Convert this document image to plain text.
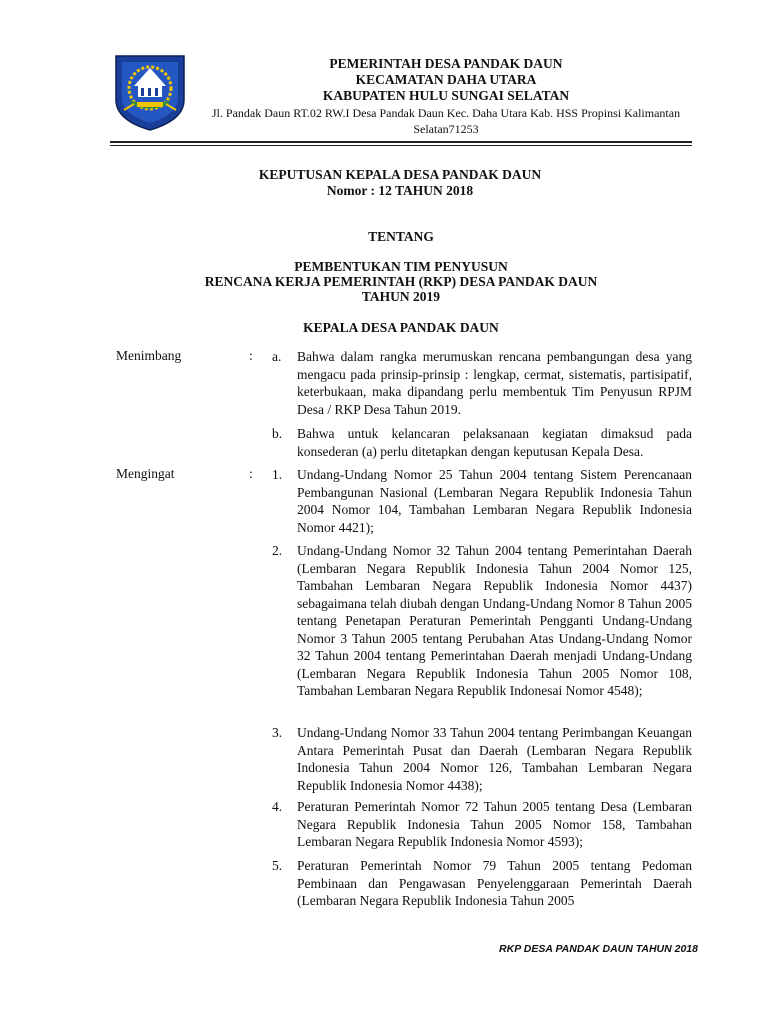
PEMERINTAH DESA PANDAK DAUN
KECAMATAN DAHA UTARA
KABUPATEN HULU SUNGAI SELATAN
Jl. Pandak Daun RT.02 RW.I Desa Pandak Daun Kec. Daha Utara Kab. HSS Propinsi Kalimantan Selatan71253
KEPUTUSAN KEPALA DESA PANDAK DAUN
Nomor : 12 TAHUN 2018
TENTANG
PEMBENTUKAN TIM PENYUSUN
RENCANA KERJA PEMERINTAH (RKP) DESA PANDAK DAUN
TAHUN 2019
KEPALA DESA PANDAK DAUN
Menimbang	: a.	Bahwa dalam rangka merumuskan rencana pembangungan desa yang mengacu pada prinsip-prinsip : lengkap, cermat, sistematis, partisipatif, keterbukaan, maka dipandang perlu membentuk Tim Penyusun RPJM Desa / RKP Desa Tahun 2019.
b.	Bahwa untuk kelancaran pelaksanaan kegiatan dimaksud pada konsederan (a) perlu ditetapkan dengan keputusan Kepala Desa.
Mengingat	: 1.	Undang-Undang Nomor 25 Tahun 2004 tentang Sistem Perencanaan Pembangunan Nasional (Lembaran Negara Republik Indonesia Tahun 2004 Nomor 104, Tambahan Lembaran Negara Republik Indonesia Nomor 4421);
2.	Undang-Undang Nomor 32 Tahun 2004 tentang Pemerintahan Daerah (Lembaran Negara Republik Indonesia Tahun 2004 Nomor 125, Tambahan Lembaran Negara Republik Indonesia Nomor 4437) sebagaimana telah diubah dengan Undang-Undang Nomor 8 Tahun 2005 tentang Penetapan Peraturan Pemerintah Pengganti Undang-Undang Nomor 3 Tahun 2005 tentang Perubahan Atas Undang-Undang Nomor 32 Tahun 2004 tentang Pemerintahan Daerah menjadi Undang-Undang (Lembaran Negara Republik Indonesia Tahun 2005 Nomor 108, Tambahan Lembaran Negara Republik Indonesai Nomor 4548);
3.	Undang-Undang Nomor 33 Tahun 2004 tentang Perimbangan Keuangan Antara Pemerintah Pusat dan Daerah (Lembaran Negara Republik Indonesia Tahun 2004 Nomor 126, Tambahan Lembaran Negara Republik Indonesia Nomor 4438);
4.	Peraturan Pemerintah Nomor 72 Tahun 2005 tentang Desa (Lembaran Negara Republik Indonesia Tahun 2005 Nomor 158, Tambahan Lembaran Negara Republik Indonesia Nomor 4593);
5.	Peraturan Pemerintah Nomor 79 Tahun 2005 tentang Pedoman Pembinaan dan Pengawasan Penyelenggaraan Pemerintah Daerah (Lembaran Negara Republik Indonesia Tahun 2005
RKP DESA PANDAK DAUN TAHUN 2018
